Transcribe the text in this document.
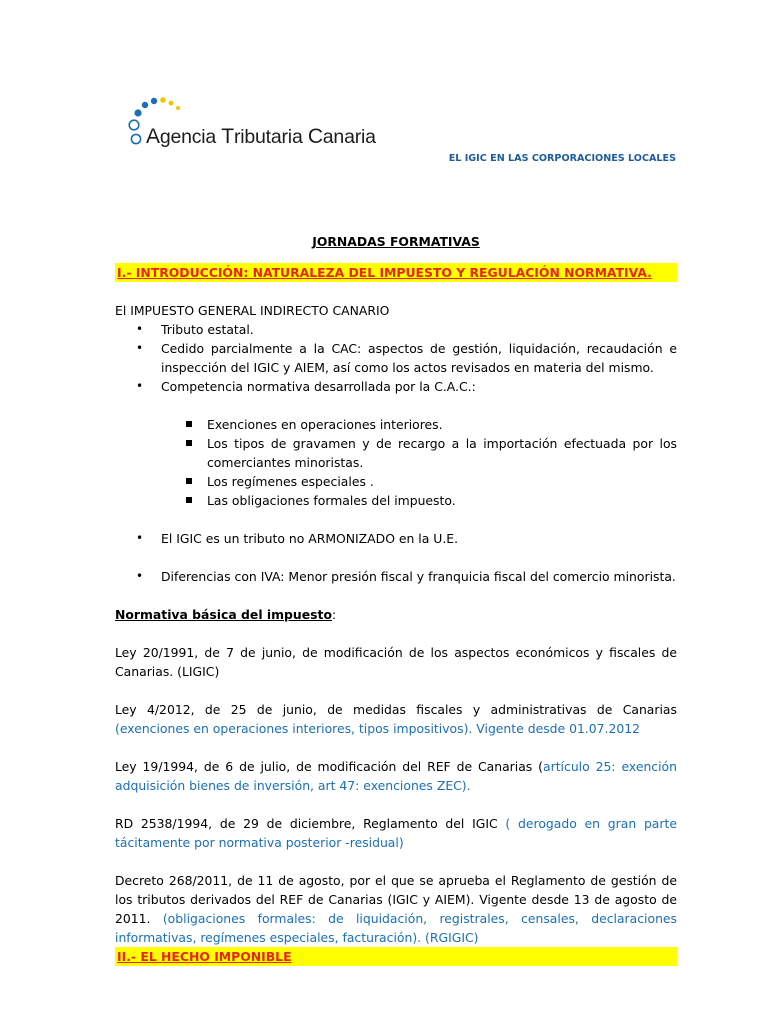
Agencia Tributaria Canaria
EL IGIC EN LAS CORPORACIONES LOCALES

JORNADAS FORMATIVAS

I.- INTRODUCCIÓN: NATURALEZA DEL IMPUESTO Y REGULACIÓN NORMATIVA.

El IMPUESTO GENERAL INDIRECTO CANARIO

• Tributo estatal.
• Cedido parcialmente a la CAC: aspectos de gestión, liquidación, recaudación e inspección del IGIC y AIEM, así como los actos revisados en materia del mismo.
• Competencia normativa desarrollada por la C.A.C.:
Exenciones en operaciones interiores.
Los tipos de gravamen y de recargo a la importación efectuada por los comerciantes minoristas.
Los regímenes especiales .
Las obligaciones formales del impuesto.
• El IGIC es un tributo no ARMONIZADO en la U.E.
• Diferencias con IVA: Menor presión fiscal y franquicia fiscal del comercio minorista.

Normativa básica del impuesto:

Ley 20/1991, de 7 de junio, de modificación de los aspectos económicos y fiscales de Canarias. (LIGIC)

Ley 4/2012, de 25 de junio, de medidas fiscales y administrativas de Canarias (exenciones en operaciones interiores, tipos impositivos). Vigente desde 01.07.2012

Ley 19/1994, de 6 de julio, de modificación del REF de Canarias (artículo 25: exención adquisición bienes de inversión, art 47: exenciones ZEC).

RD 2538/1994, de 29 de diciembre, Reglamento del IGIC ( derogado en gran parte tácitamente por normativa posterior -residual)

Decreto 268/2011, de 11 de agosto, por el que se aprueba el Reglamento de gestión de los tributos derivados del REF de Canarias (IGIC y AIEM). Vigente desde 13 de agosto de 2011. (obligaciones formales: de liquidación, registrales, censales, declaraciones informativas, regímenes especiales, facturación). (RGIGIC)

II.- EL HECHO IMPONIBLE
